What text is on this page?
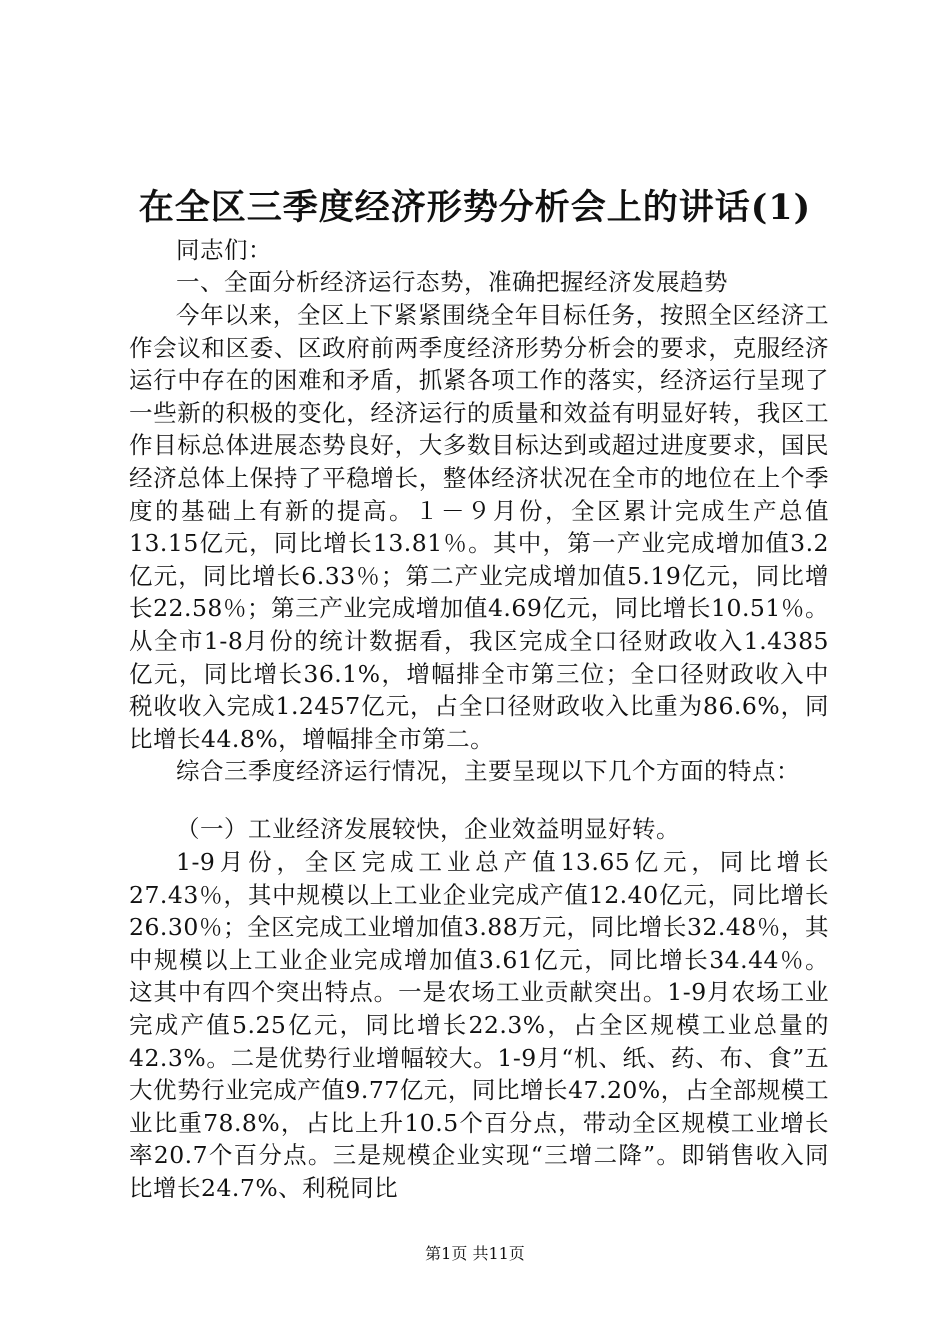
在全区三季度经济形势分析会上的讲话(1)

同志们：

一、全面分析经济运行态势，准确把握经济发展趋势

今年以来，全区上下紧紧围绕全年目标任务，按照全区经济工作会议和区委、区政府前两季度经济形势分析会的要求，克服经济运行中存在的困难和矛盾，抓紧各项工作的落实，经济运行呈现了一些新的积极的变化，经济运行的质量和效益有明显好转，我区工作目标总体进展态势良好，大多数目标达到或超过进度要求，国民经济总体上保持了平稳增长，整体经济状况在全市的地位在上个季度的基础上有新的提高。１－９月份，全区累计完成生产总值13.15亿元，同比增长13.81％。其中，第一产业完成增加值3.2亿元，同比增长6.33％；第二产业完成增加值5.19亿元，同比增长22.58％；第三产业完成增加值4.69亿元，同比增长10.51％。从全市1-8月份的统计数据看，我区完成全口径财政收入1.4385亿元，同比增长36.1%，增幅排全市第三位；全口径财政收入中税收收入完成1.2457亿元，占全口径财政收入比重为86.6%，同比增长44.8%，增幅排全市第二。

综合三季度经济运行情况，主要呈现以下几个方面的特点：

（一）工业经济发展较快，企业效益明显好转。

1-9月份，全区完成工业总产值13.65亿元，同比增长27.43％，其中规模以上工业企业完成产值12.40亿元，同比增长26.30％；全区完成工业增加值3.88万元，同比增长32.48％，其中规模以上工业企业完成增加值3.61亿元，同比增长34.44％。这其中有四个突出特点。一是农场工业贡献突出。1-9月农场工业完成产值5.25亿元，同比增长22.3%，占全区规模工业总量的42.3%。二是优势行业增幅较大。1-9月“机、纸、药、布、食”五大优势行业完成产值9.77亿元，同比增长47.20%，占全部规模工业比重78.8%，占比上升10.5个百分点，带动全区规模工业增长率20.7个百分点。三是规模企业实现“三增二降”。即销售收入同比增长24.7%、利税同比

第1页 共11页
